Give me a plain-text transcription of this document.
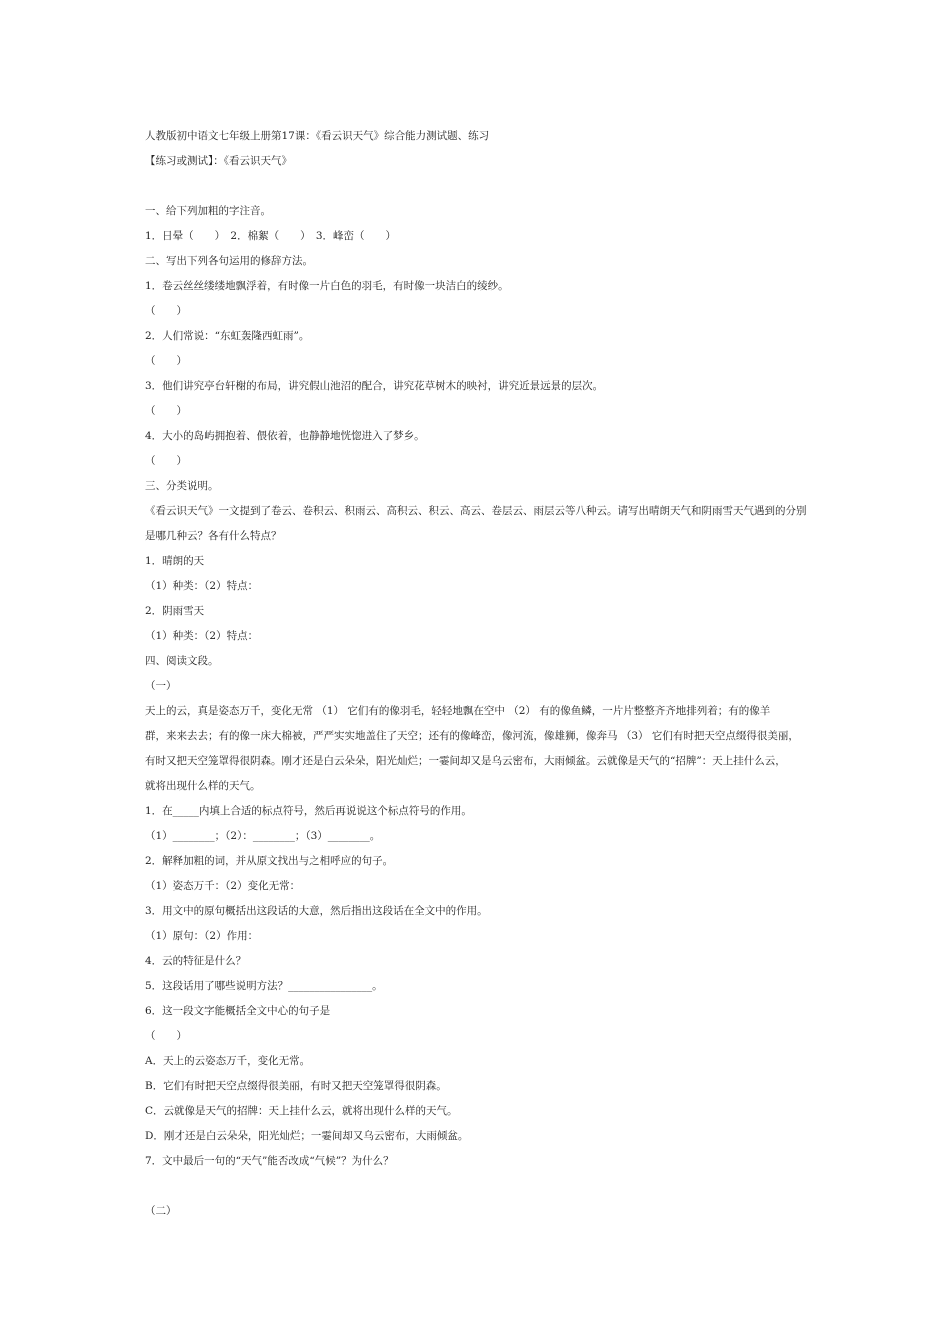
人教版初中语文七年级上册第17课：《看云识天气》综合能力测试题、练习
【练习或测试】：《看云识天气》
一、给下列加粗的字注音。
1．日晕（　　）　2．棉絮（　　）　3．峰峦（　　）
二、写出下列各句运用的修辞方法。
1．卷云丝丝缕缕地飘浮着，有时像一片白色的羽毛，有时像一块洁白的绫纱。
（　　）
2．人们常说：“东虹轰隆西虹雨”。
（　　）
3．他们讲究亭台轩榭的布局，讲究假山池沼的配合，讲究花草树木的映衬，讲究近景远景的层次。
（　　）
4．大小的岛屿拥抱着、偎依着，也静静地恍惚进入了梦乡。
（　　）
三、分类说明。
《看云识天气》一文提到了卷云、卷积云、积雨云、高积云、积云、高云、卷层云、雨层云等八种云。请写出晴朗天气和阴雨雪天气遇到的分别
是哪几种云？各有什么特点？
1．晴朗的天
（1）种类：（2）特点：
2．阴雨雪天
（1）种类：（2）特点：
四、阅读文段。
（一）
天上的云，真是姿态万千，变化无常 （1） 它们有的像羽毛，轻轻地飘在空中 （2） 有的像鱼鳞，一片片整整齐齐地排列着；有的像羊
群，来来去去；有的像一床大棉被，严严实实地盖住了天空；还有的像峰峦，像河流，像雄狮，像奔马 （3） 它们有时把天空点缀得很美丽，
有时又把天空笼罩得很阴森。刚才还是白云朵朵，阳光灿烂；一霎间却又是乌云密布，大雨倾盆。云就像是天气的“招牌”：天上挂什么云，
就将出现什么样的天气。
1．在_____内填上合适的标点符号，然后再说说这个标点符号的作用。
（1）________；（2）：________；（3）________。
2．解释加粗的词，并从原文找出与之相呼应的句子。
（1）姿态万千：（2）变化无常：
3．用文中的原句概括出这段话的大意，然后指出这段话在全文中的作用。
（1）原句：（2）作用：
4．云的特征是什么？
5．这段话用了哪些说明方法？________________。
6．这一段文字能概括全文中心的句子是
（　　）
A．天上的云姿态万千，变化无常。
B．它们有时把天空点缀得很美丽，有时又把天空笼罩得很阴森。
C．云就像是天气的招牌：天上挂什么云，就将出现什么样的天气。
D．刚才还是白云朵朵，阳光灿烂；一霎间却又乌云密布，大雨倾盆。
7．文中最后一句的“天气”能否改成“气候”？为什么？
（二）
